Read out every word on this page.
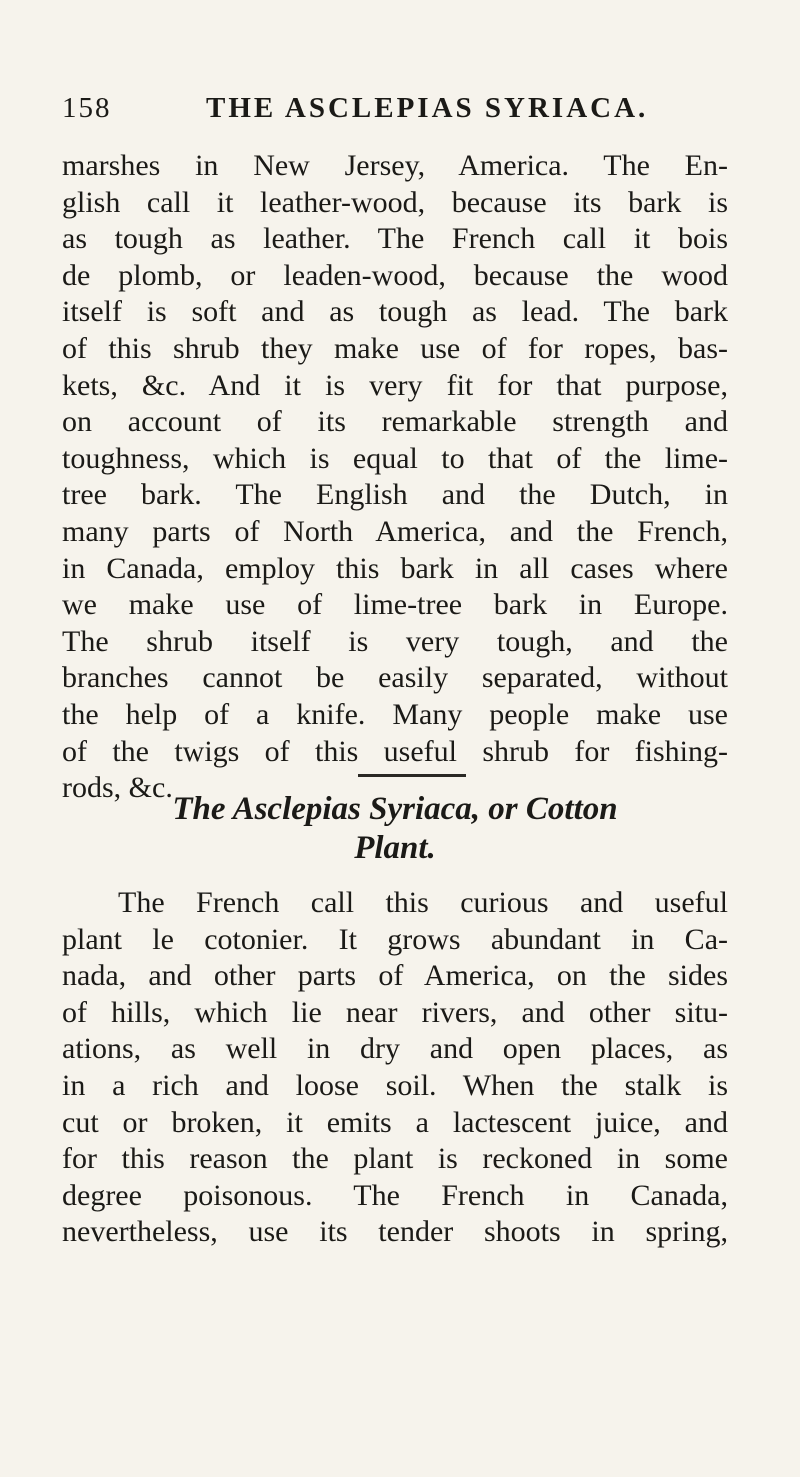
158	THE ASCLEPIAS SYRIACA.
marshes in New Jersey, America. The En-
glish call it leather-wood, because its bark is
as tough as leather. The French call it bois
de plomb, or leaden-wood, because the wood
itself is soft and as tough as lead. The bark
of this shrub they make use of for ropes, bas-
kets, &c. And it is very fit for that purpose,
on account of its remarkable strength and
toughness, which is equal to that of the lime-
tree bark. The English and the Dutch, in
many parts of North America, and the French,
in Canada, employ this bark in all cases where
we make use of lime-tree bark in Europe.
The shrub itself is very tough, and the
branches cannot be easily separated, without
the help of a knife. Many people make use
of the twigs of this useful shrub for fishing-
rods, &c.
The Asclepias Syriaca, or Cotton
Plant.
The French call this curious and useful
plant le cotonier. It grows abundant in Ca-
nada, and other parts of America, on the sides
of hills, which lie near rivers, and other situ-
ations, as well in dry and open places, as
in a rich and loose soil. When the stalk is
cut or broken, it emits a lactescent juice, and
for this reason the plant is reckoned in some
degree poisonous. The French in Canada,
nevertheless, use its tender shoots in spring,
